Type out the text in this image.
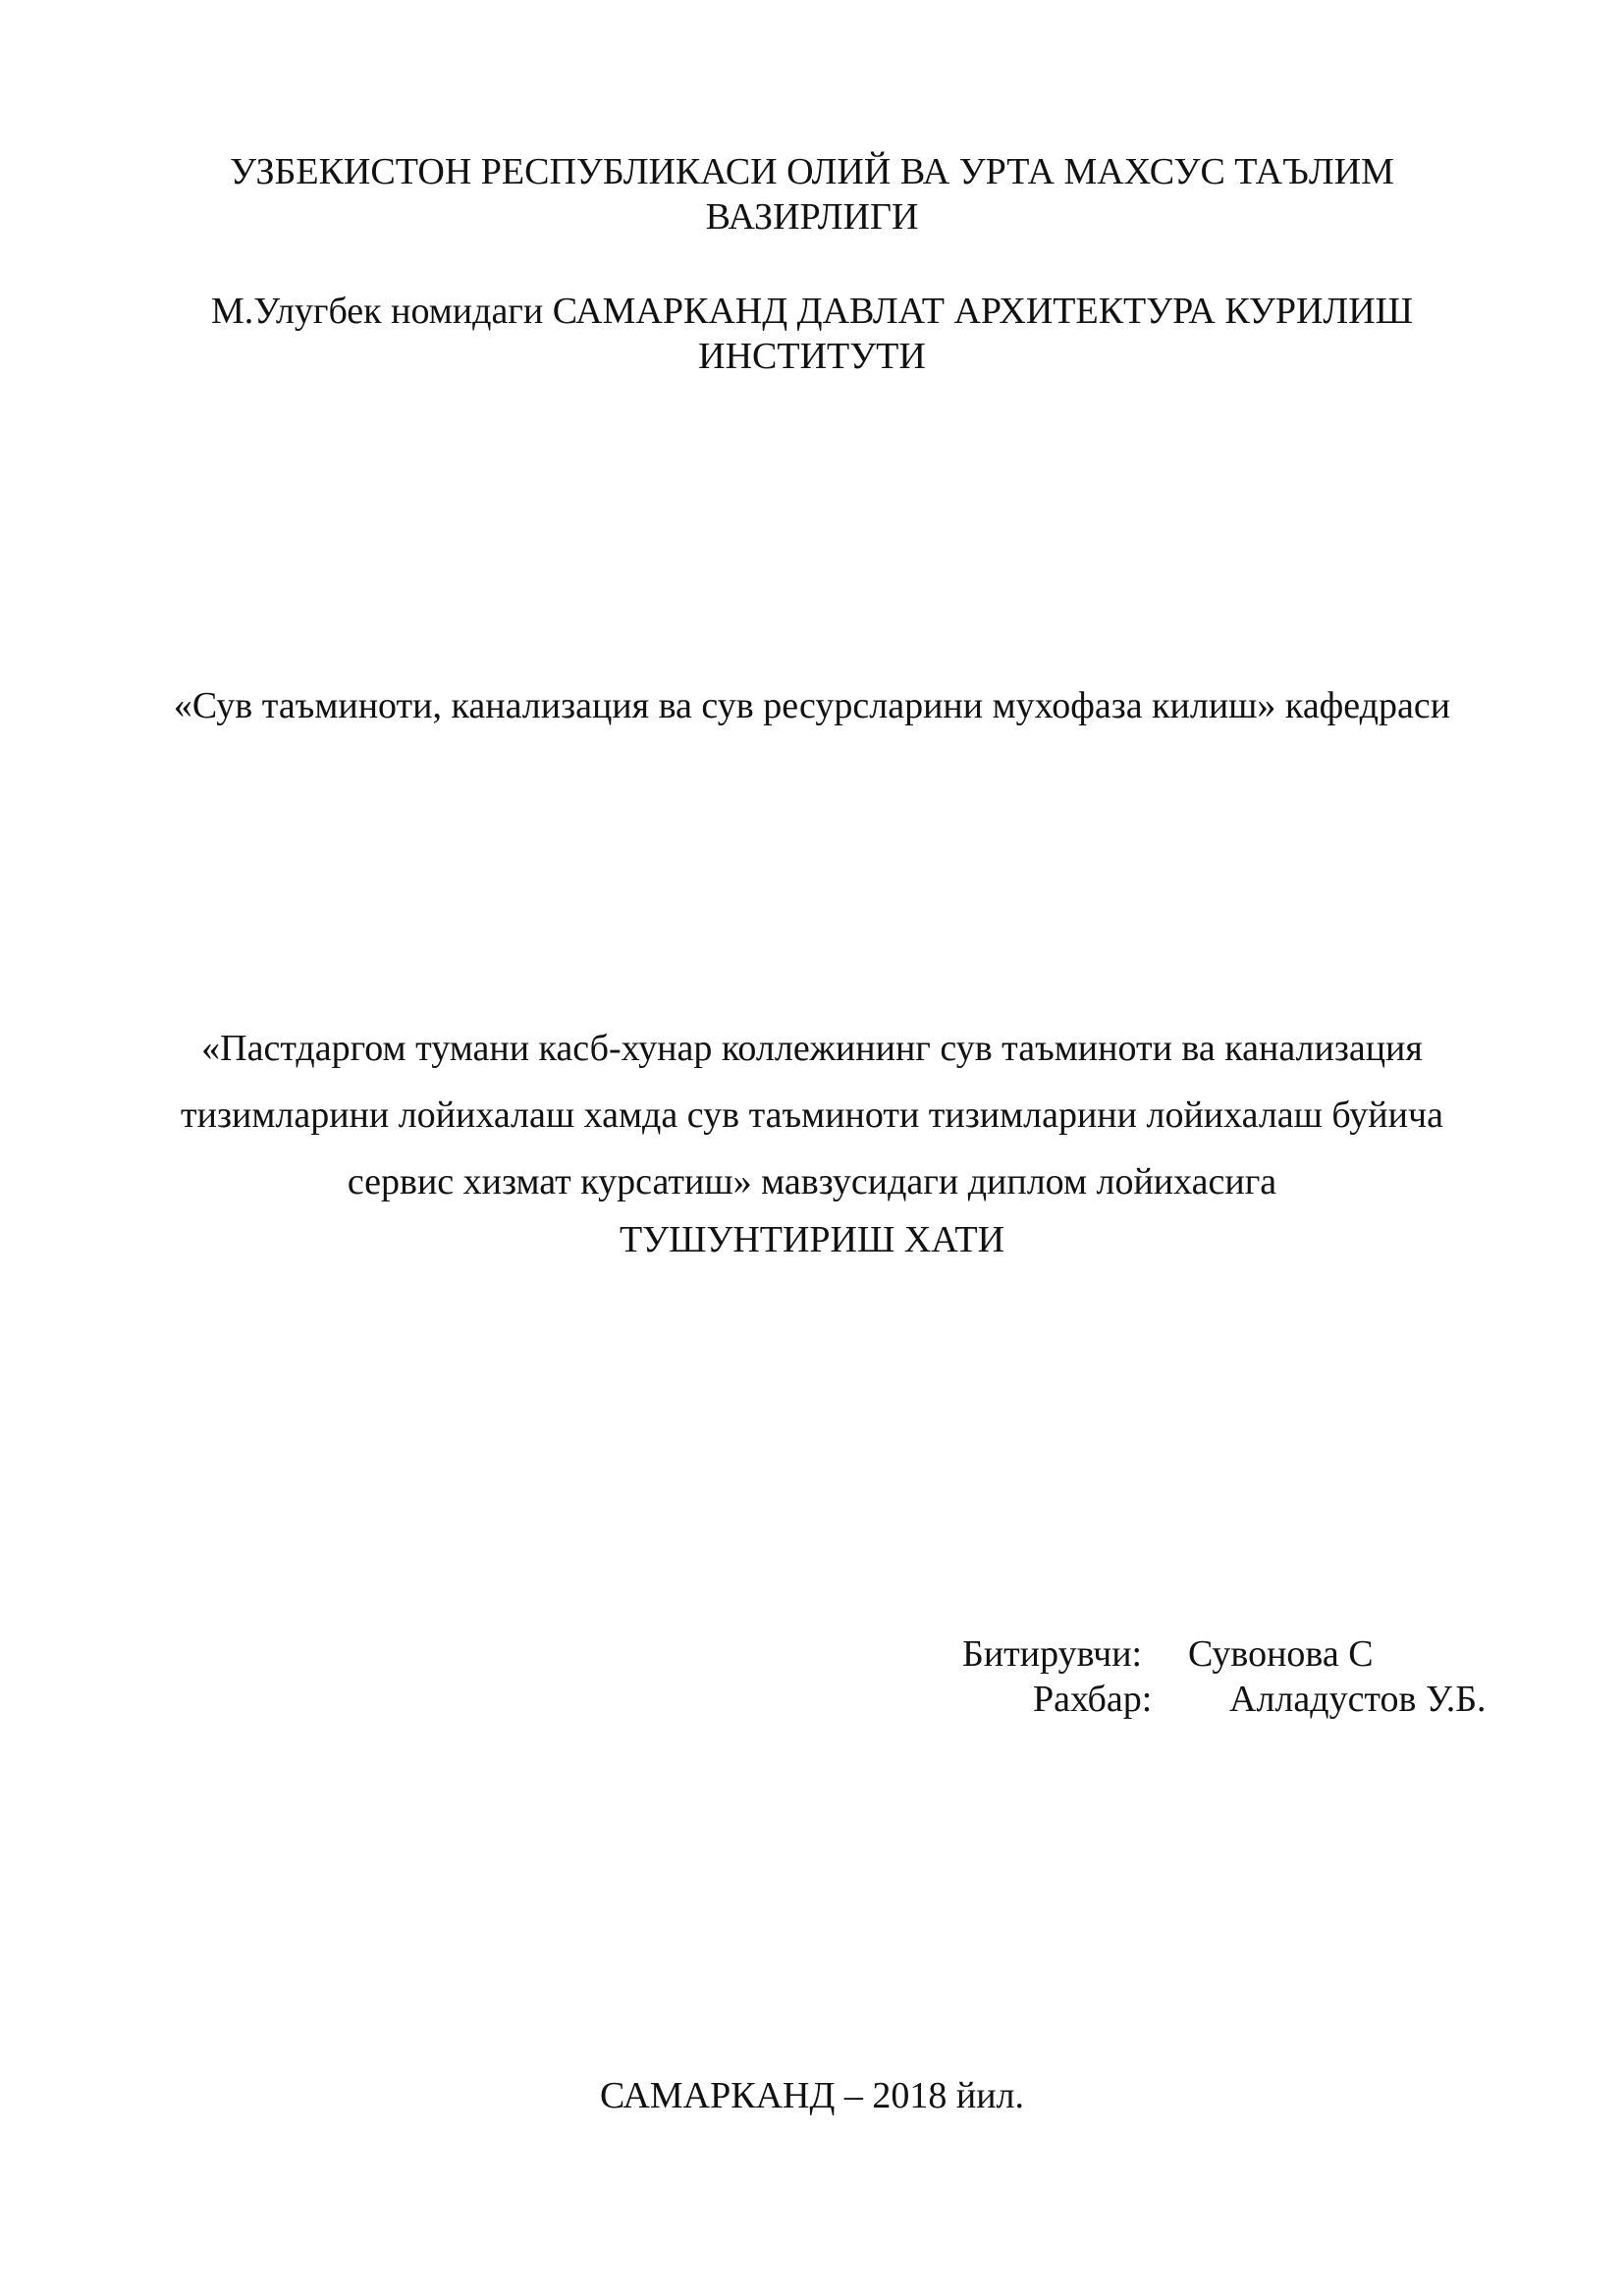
УЗБЕКИСТОН РЕСПУБЛИКАСИ ОЛИЙ ВА УРТА МАХСУС ТАЪЛИМ
ВАЗИРЛИГИ
М.Улугбек номидаги САМАРКАНД ДАВЛАТ АРХИТЕКТУРА КУРИЛИШ
ИНСТИТУТИ
«Сув таъминоти, канализация ва сув ресурсларини мухофаза килиш» кафедраси
«Пастдаргом тумани касб-хунар коллежининг сув таъминоти ва канализация
тизимларини лойихалаш хамда сув таъминоти тизимларини лойихалаш буйича
сервис хизмат курсатиш» мавзусидаги диплом лойихасига
ТУШУНТИРИШ ХАТИ
Битирувчи: Сувонова С
Рахбар: Алладустов У.Б.
САМАРКАНД – 2018 йил.
